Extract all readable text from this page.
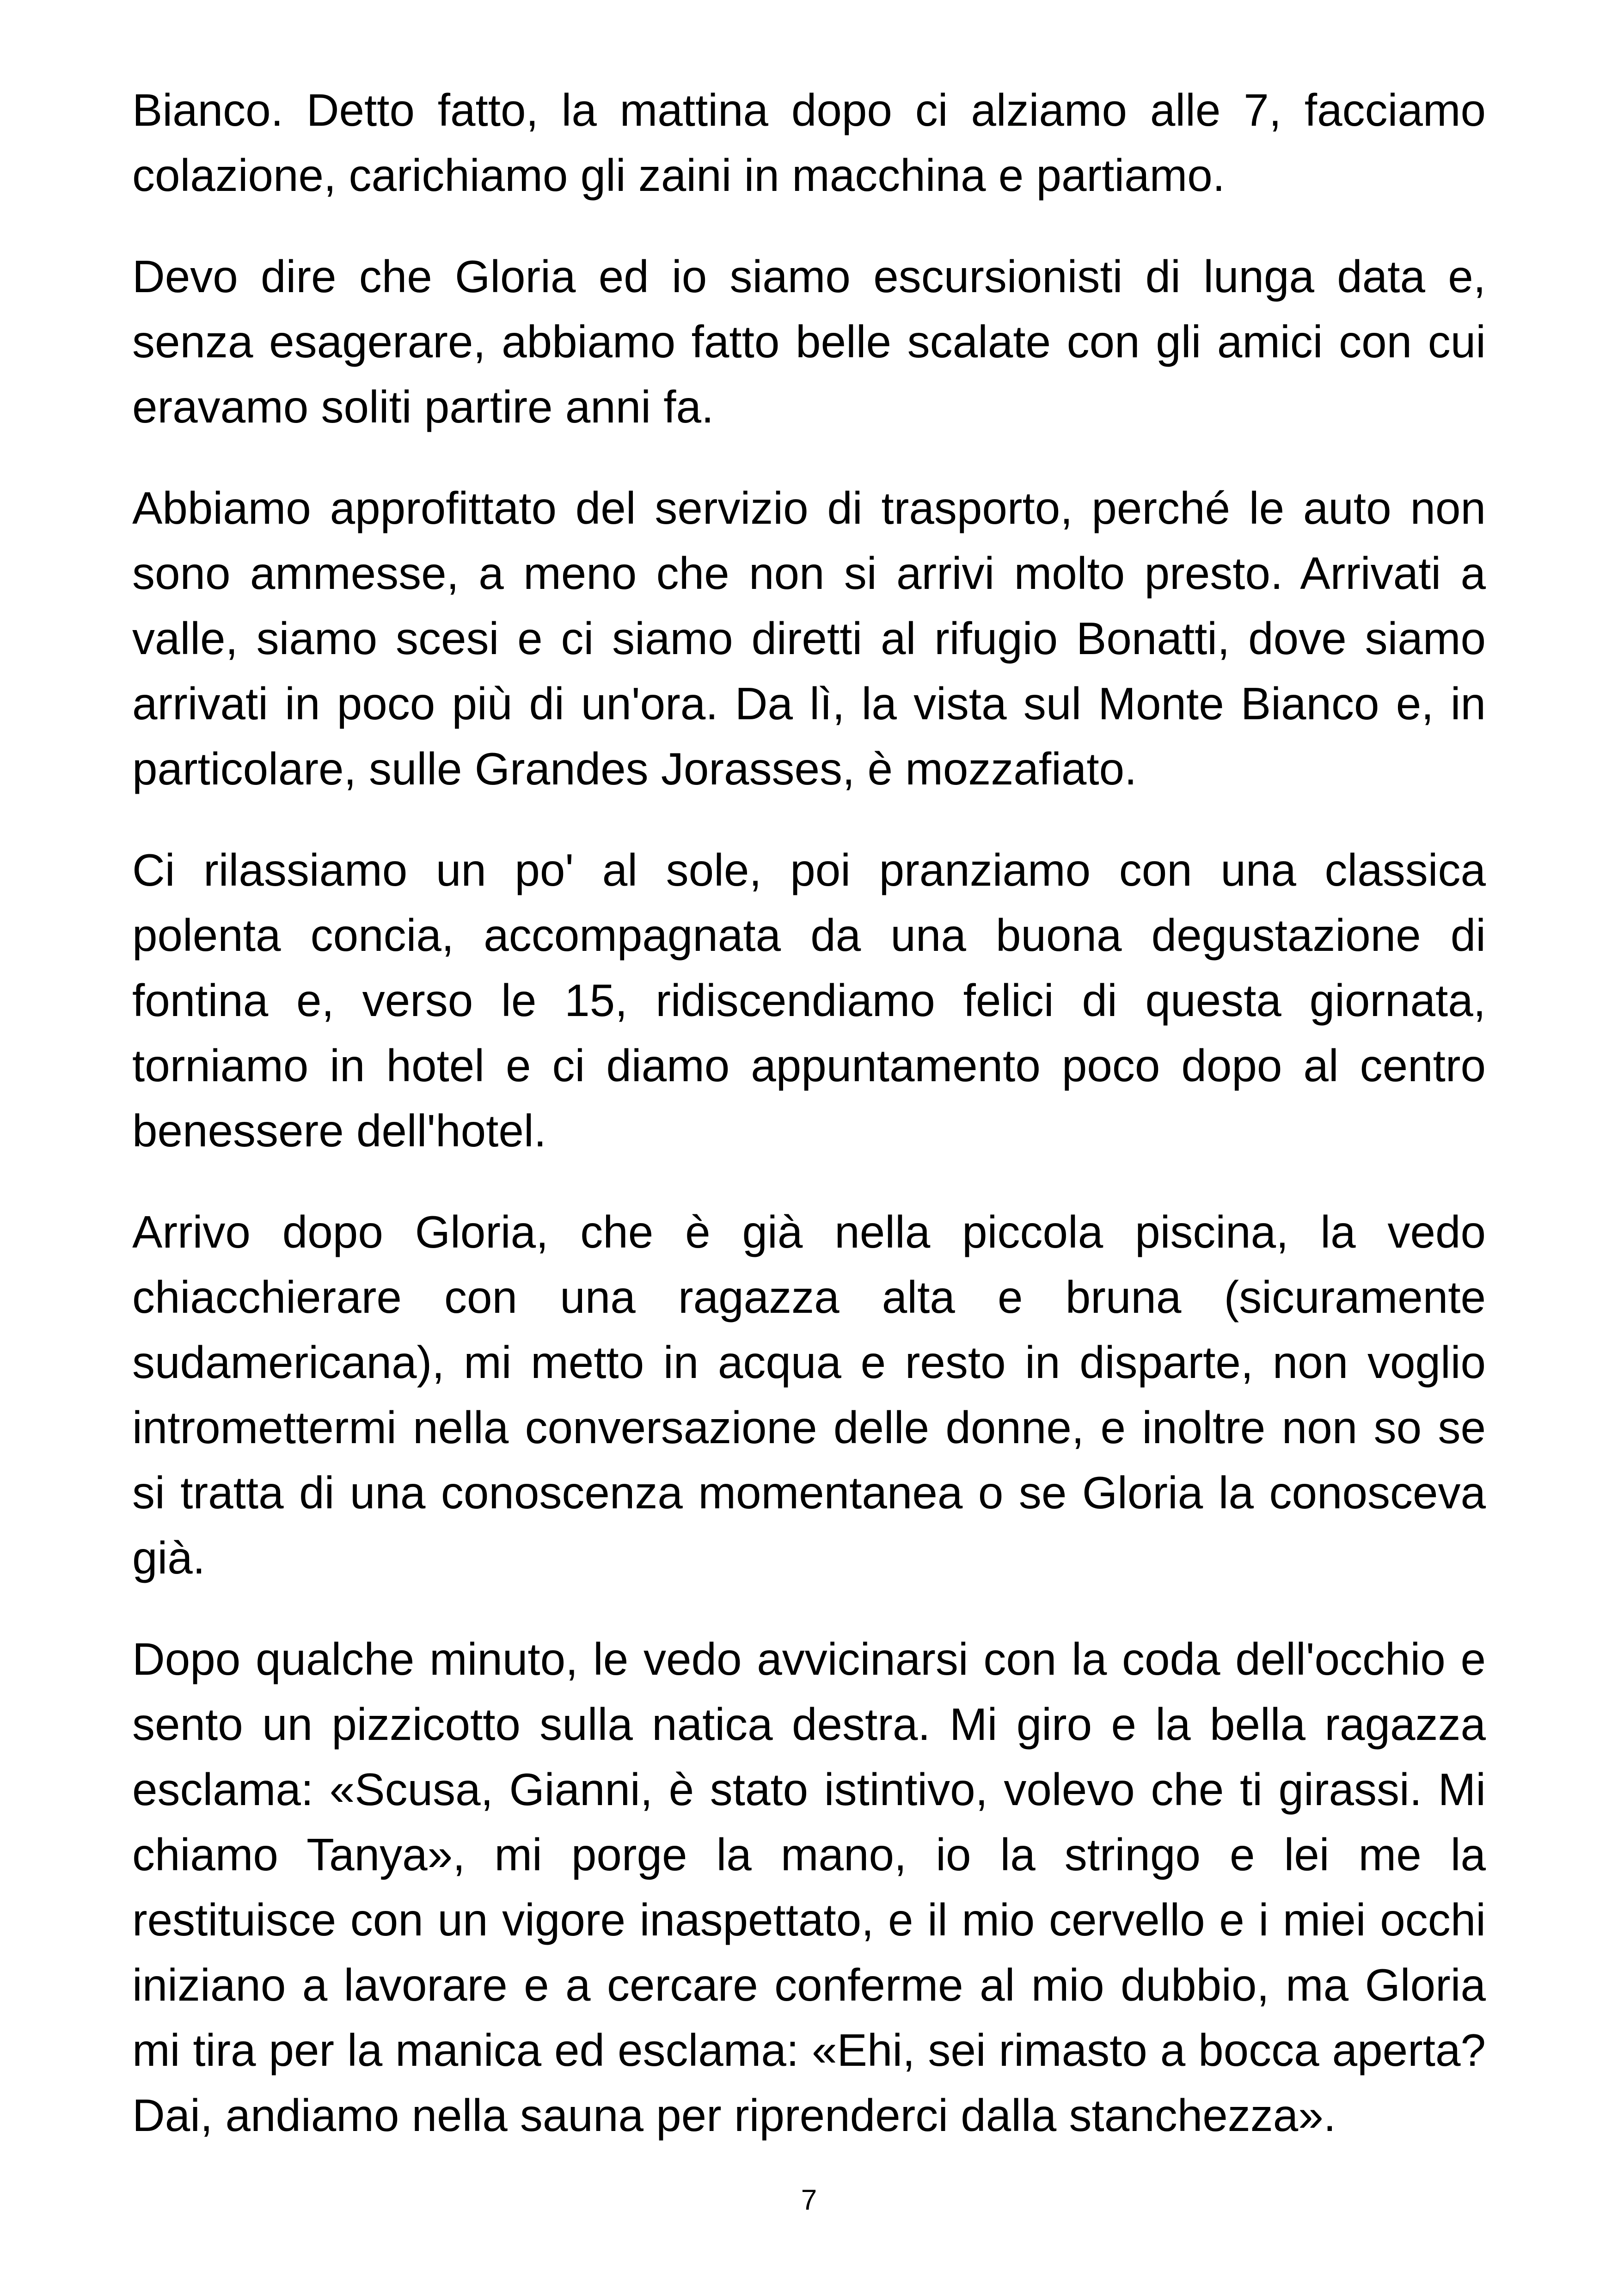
Bianco. Detto fatto, la mattina dopo ci alziamo alle 7, facciamo colazione, carichiamo gli zaini in macchina e partiamo.

Devo dire che Gloria ed io siamo escursionisti di lunga data e, senza esagerare, abbiamo fatto belle scalate con gli amici con cui eravamo soliti partire anni fa.

Abbiamo approfittato del servizio di trasporto, perché le auto non sono ammesse, a meno che non si arrivi molto presto. Arrivati a valle, siamo scesi e ci siamo diretti al rifugio Bonatti, dove siamo arrivati in poco più di un'ora. Da lì, la vista sul Monte Bianco e, in particolare, sulle Grandes Jorasses, è mozzafiato.

Ci rilassiamo un po' al sole, poi pranziamo con una classica polenta concia, accompagnata da una buona degustazione di fontina e, verso le 15, ridiscendiamo felici di questa giornata, torniamo in hotel e ci diamo appuntamento poco dopo al centro benessere dell'hotel.

Arrivo dopo Gloria, che è già nella piccola piscina, la vedo chiacchierare con una ragazza alta e bruna (sicuramente sudamericana), mi metto in acqua e resto in disparte, non voglio intromettermi nella conversazione delle donne, e inoltre non so se si tratta di una conoscenza momentanea o se Gloria la conosceva già.

Dopo qualche minuto, le vedo avvicinarsi con la coda dell'occhio e sento un pizzicotto sulla natica destra. Mi giro e la bella ragazza esclama: «Scusa, Gianni, è stato istintivo, volevo che ti girassi. Mi chiamo Tanya», mi porge la mano, io la stringo e lei me la restituisce con un vigore inaspettato, e il mio cervello e i miei occhi iniziano a lavorare e a cercare conferme al mio dubbio, ma Gloria mi tira per la manica ed esclama: «Ehi, sei rimasto a bocca aperta? Dai, andiamo nella sauna per riprenderci dalla stanchezza».

7
